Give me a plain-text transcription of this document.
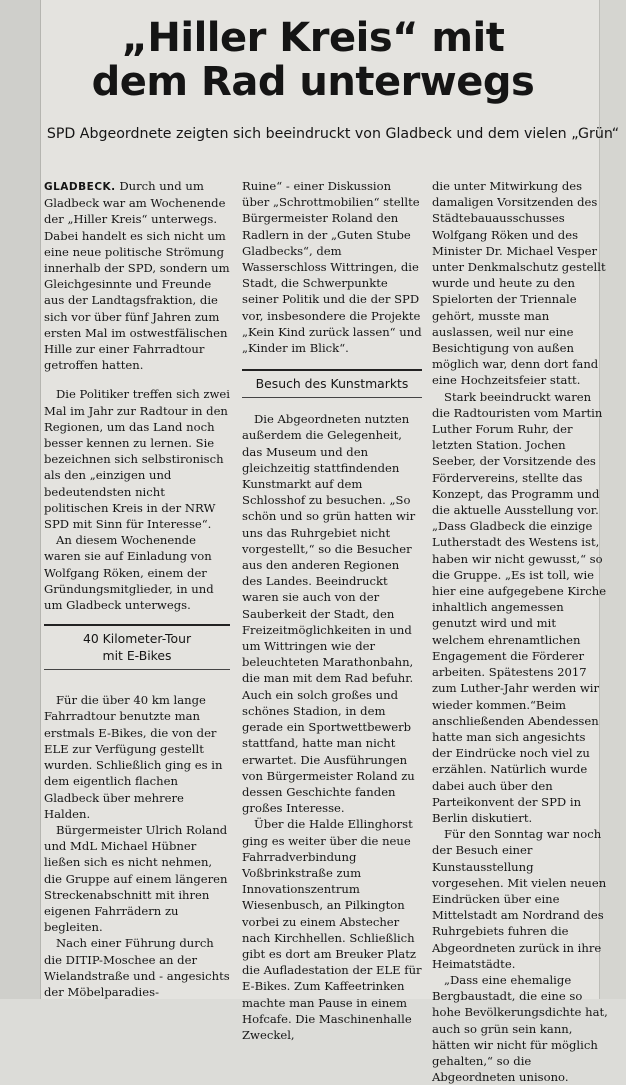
„Hiller Kreis“ mit
dem Rad unterwegs

SPD Abgeordnete zeigten sich beeindruckt von Gladbeck und dem vielen „Grün“

GLADBECK. Durch und um Gladbeck war am Wochenende der „Hiller Kreis“ unterwegs. Dabei handelt es sich nicht um eine neue politische Strömung innerhalb der SPD, sondern um Gleichgesinnte und Freunde aus der Landtagsfraktion, die sich vor über fünf Jahren zum ersten Mal im ostwestfälischen Hille zur einer Fahrradtour getroffen hatten.

Die Politiker treffen sich zwei Mal im Jahr zur Radtour in den Regionen, um das Land noch besser kennen zu lernen. Sie bezeichnen sich selbstironisch als den „einzigen und bedeutendsten nicht politischen Kreis in der NRW SPD mit Sinn für Interesse“.

An diesem Wochenende waren sie auf Einladung von Wolfgang Röken, einem der Gründungsmitglieder, in und um Gladbeck unterwegs.

40 Kilometer-Tour
mit E-Bikes

Für die über 40 km lange Fahrradtour benutzte man erstmals E-Bikes, die von der ELE zur Verfügung gestellt wurden. Schließlich ging es in dem eigentlich flachen Gladbeck über mehrere Halden.

Bürgermeister Ulrich Roland und MdL Michael Hübner ließen sich es nicht nehmen, die Gruppe auf einem längeren Streckenabschnitt mit ihren eigenen Fahrrädern zu begleiten.

Nach einer Führung durch die DITIP-Moschee an der Wielandstraße und - angesichts der Möbelparadies-

Ruine“ - einer Diskussion über „Schrottmobilien“ stellte Bürgermeister Roland den Radlern in der „Guten Stube Gladbecks“, dem Wasserschloss Wittringen, die Stadt, die Schwerpunkte seiner Politik und die der SPD vor, insbesondere die Projekte „Kein Kind zurück lassen“ und „Kinder im Blick“.

Besuch des Kunstmarkts

Die Abgeordneten nutzten außerdem die Gelegenheit, das Museum und den gleichzeitig stattfindenden Kunstmarkt auf dem Schlosshof zu besuchen. „So schön und so grün hatten wir uns das Ruhrgebiet nicht vorgestellt,“ so die Besucher aus den anderen Regionen des Landes. Beeindruckt waren sie auch von der Sauberkeit der Stadt, den Freizeitmöglichkeiten in und um Wittringen wie der beleuchteten Marathonbahn, die man mit dem Rad befuhr. Auch ein solch großes und schönes Stadion, in dem gerade ein Sportwettbewerb stattfand, hatte man nicht erwartet. Die Ausführungen von Bürgermeister Roland zu dessen Geschichte fanden großes Interesse.

Über die Halde Ellinghorst ging es weiter über die neue Fahrradverbindung Voßbrinkstraße zum Innovationszentrum Wiesenbusch, an Pilkington vorbei zu einem Abstecher nach Kirchhellen. Schließlich gibt es dort am Breuker Platz die Aufladestation der ELE für E-Bikes. Zum Kaffeetrinken machte man Pause in einem Hofcafe. Die Maschinenhalle Zweckel,

die unter Mitwirkung des damaligen Vorsitzenden des Städtebauausschusses Wolfgang Röken und des Minister Dr. Michael Vesper unter Denkmalschutz gestellt wurde und heute zu den Spielorten der Triennale gehört, musste man auslassen, weil nur eine Besichtigung von außen möglich war, denn dort fand eine Hochzeitsfeier statt.

Stark beeindruckt waren die Radtouristen vom Martin Luther Forum Ruhr, der letzten Station. Jochen Seeber, der Vorsitzende des Fördervereins, stellte das Konzept, das Programm und die aktuelle Ausstellung vor. „Dass Gladbeck die einzige Lutherstadt des Westens ist, haben wir nicht gewusst,“ so die Gruppe. „Es ist toll, wie hier eine aufgegebene Kirche inhaltlich angemessen genutzt wird und mit welchem ehrenamtlichen Engagement die Förderer arbeiten. Spätestens 2017 zum Luther-Jahr werden wir wieder kommen.“Beim anschließenden Abendessen hatte man sich angesichts der Eindrücke noch viel zu erzählen. Natürlich wurde dabei auch über den Parteikonvent der SPD in Berlin diskutiert.

Für den Sonntag war noch der Besuch einer Kunstausstellung vorgesehen. Mit vielen neuen Eindrücken über eine Mittelstadt am Nordrand des Ruhrgebiets fuhren die Abgeordneten zurück in ihre Heimatstädte.

„Dass eine ehemalige Bergbaustadt, die eine so hohe Bevölkerungsdichte hat, auch so grün sein kann, hätten wir nicht für möglich gehalten,“ so die Abgeordneten unisono.
